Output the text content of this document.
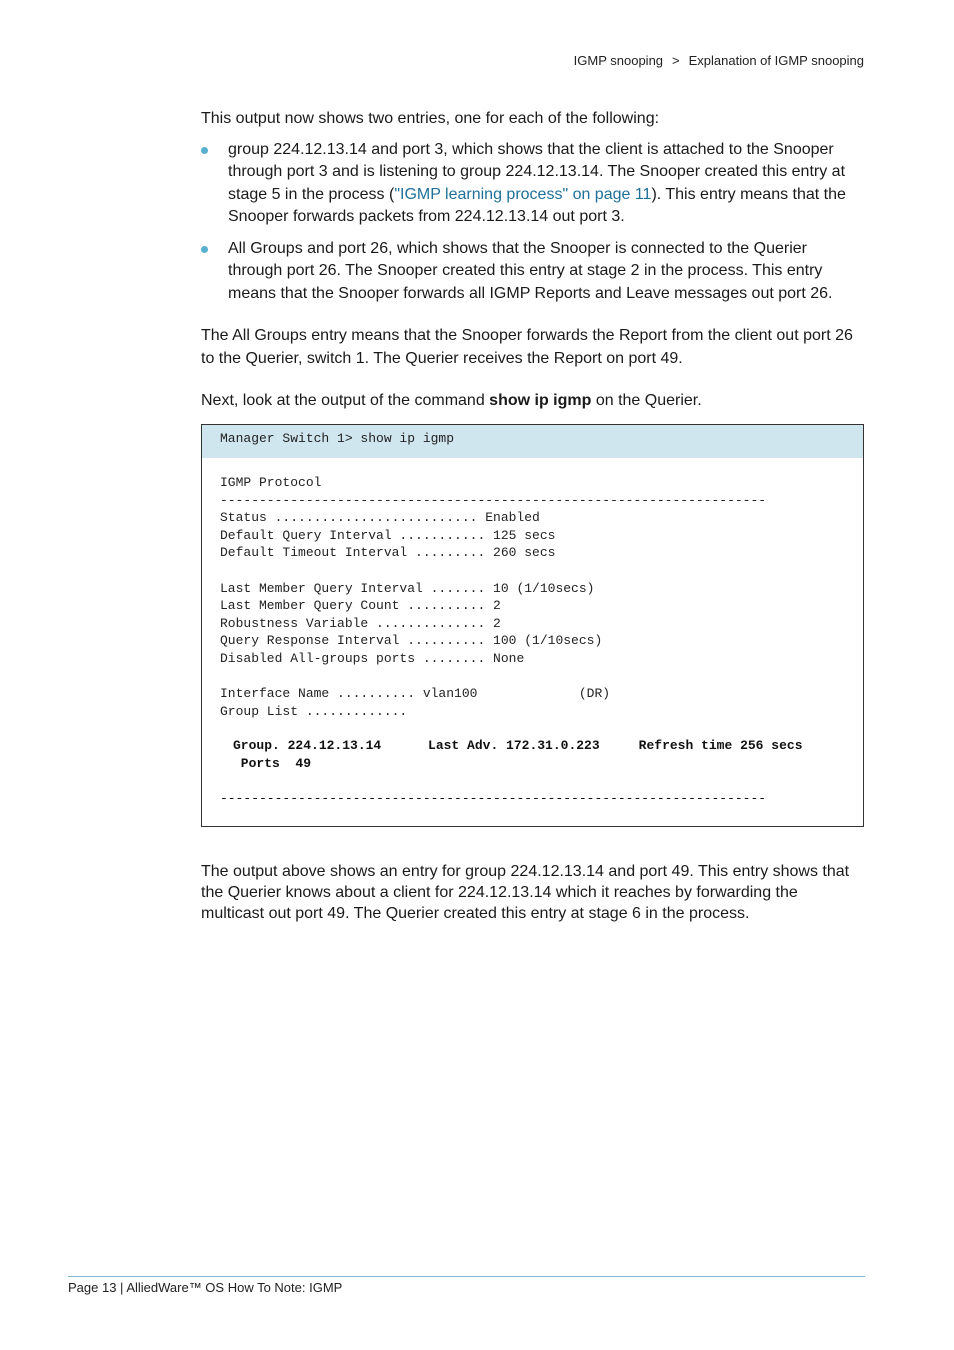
IGMP snooping > Explanation of IGMP snooping

This output now shows two entries, one for each of the following:

group 224.12.13.14 and port 3, which shows that the client is attached to the Snooper through port 3 and is listening to group 224.12.13.14. The Snooper created this entry at stage 5 in the process ("IGMP learning process" on page 11). This entry means that the Snooper forwards packets from 224.12.13.14 out port 3.
All Groups and port 26, which shows that the Snooper is connected to the Querier through port 26. The Snooper created this entry at stage 2 in the process. This entry means that the Snooper forwards all IGMP Reports and Leave messages out port 26.

The All Groups entry means that the Snooper forwards the Report from the client out port 26 to the Querier, switch 1. The Querier receives the Report on port 49.

Next, look at the output of the command show ip igmp on the Querier.

Manager Switch 1> show ip igmp
IGMP Protocol
----------------------------------------------------------------------
Status .......................... Enabled
Default Query Interval ........... 125 secs
Default Timeout Interval ......... 260 secs

Last Member Query Interval ....... 10 (1/10secs)
Last Member Query Count .......... 2
Robustness Variable .............. 2
Query Response Interval .......... 100 (1/10secs)
Disabled All-groups ports ........ None

Interface Name .......... vlan100             (DR)
Group List .............
Group. 224.12.13.14      Last Adv. 172.31.0.223     Refresh time 256 secs
Ports  49
----------------------------------------------------------------------

The output above shows an entry for group 224.12.13.14 and port 49. This entry shows that the Querier knows about a client for 224.12.13.14 which it reaches by forwarding the multicast out port 49. The Querier created this entry at stage 6 in the process.

Page 13 | AlliedWare™ OS How To Note: IGMP
